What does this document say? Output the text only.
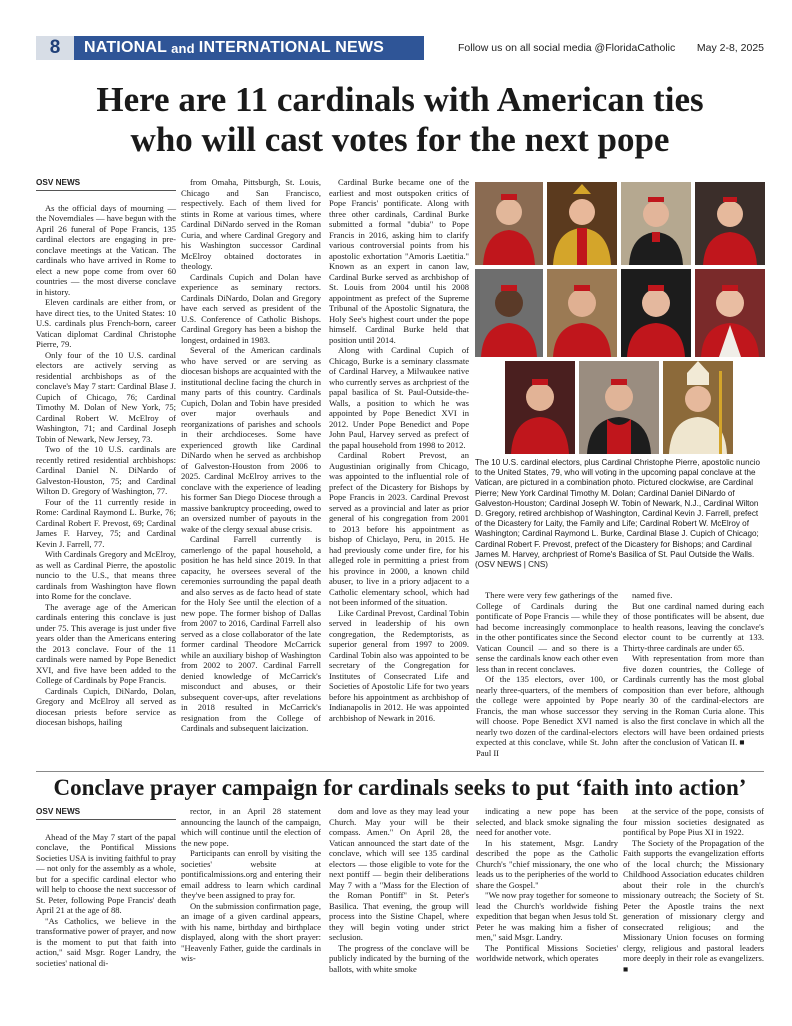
8	NATIONAL and INTERNATIONAL NEWS	Follow us on all social media @FloridaCatholic May 2-8, 2025
Here are 11 cardinals with American ties
who will cast votes for the next pope
OSV NEWS

As the official days of mourning — the Novemdiales — have begun with the April 26 funeral of Pope Francis, 135 cardinal electors are engaging in pre-conclave meetings at the Vatican. The cardinals who have arrived in Rome to elect a new pope come from over 60 countries — the most diverse conclave in history.

Eleven cardinals are either from, or have direct ties, to the United States: 10 U.S. cardinals plus French-born, career Vatican diplomat Cardinal Christophe Pierre, 79.

Only four of the 10 U.S. cardinal electors are actively serving as residential archbishops as of the conclave's May 7 start: Cardinal Blase J. Cupich of Chicago, 76; Cardinal Timothy M. Dolan of New York, 75; Cardinal Robert W. McElroy of Washington, 71; and Cardinal Joseph Tobin of Newark, New Jersey, 73.

Two of the 10 U.S. cardinals are recently retired residential archbishops: Cardinal Daniel N. DiNardo of Galveston-Houston, 75; and Cardinal Wilton D. Gregory of Washington, 77.

Four of the 11 currently reside in Rome: Cardinal Raymond L. Burke, 76; Cardinal Robert F. Prevost, 69; Cardinal James F. Harvey, 75; and Cardinal Kevin J. Farrell, 77.

With Cardinals Gregory and McElroy, as well as Cardinal Pierre, the apostolic nuncio to the U.S., that means three cardinals from Washington have flown into Rome for the conclave.

The average age of the American cardinals entering this conclave is just under 75. This average is just under five years older than the Americans entering the 2013 conclave. Four of the 11 cardinals were named by Pope Benedict XVI, and five have been added to the College of Cardinals by Pope Francis.

Cardinals Cupich, DiNardo, Dolan, Gregory and McElroy all served as diocesan priests before service as diocesan bishops, hailing

from Omaha, Pittsburgh, St. Louis, Chicago and San Francisco, respectively. Each of them lived for stints in Rome at various times, where Cardinal DiNardo served in the Roman Curia, and where Cardinal Gregory and his Washington successor Cardinal McElroy obtained doctorates in theology.

Cardinals Cupich and Dolan have experience as seminary rectors. Cardinals DiNardo, Dolan and Gregory have each served as president of the U.S. Conference of Catholic Bishops. Cardinal Gregory has been a bishop the longest, ordained in 1983.

Several of the American cardinals who have served or are serving as diocesan bishops are acquainted with the institutional decline facing the church in many parts of this country. Cardinals Cupich, Dolan and Tobin have presided over major overhauls and reorganizations of parishes and schools in their archdioceses. Some have experienced growth like Cardinal DiNardo when he served as archbishop of Galveston-Houston from 2006 to 2025. Cardinal McElroy arrives to the conclave with the experience of leading his former San Diego Diocese through a massive bankruptcy proceeding, owed to an oversized number of payouts in the wake of the clergy sexual abuse crisis.

Cardinal Farrell currently is camerlengo of the papal household, a position he has held since 2019. In that capacity, he oversees several of the ceremonies surrounding the papal death and also serves as de facto head of state for the Holy See until the election of a new pope. The former bishop of Dallas from 2007 to 2016, Cardinal Farrell also served as a close collaborator of the late former cardinal Theodore McCarrick while an auxiliary bishop of Washington from 2002 to 2007. Cardinal Farrell denied knowledge of McCarrick's misconduct and abuses, or their subsequent cover-ups, after revelations in 2018 resulted in McCarrick's resignation from the College of Cardinals and subsequent laicization.

Cardinal Burke became one of the earliest and most outspoken critics of Pope Francis' pontificate. Along with three other cardinals, Cardinal Burke submitted a formal "dubia" to Pope Francis in 2016, asking him to clarify various controversial points from his apostolic exhortation "Amoris Laetitia." Known as an expert in canon law, Cardinal Burke served as archbishop of St. Louis from 2004 until his 2008 appointment as prefect of the Supreme Tribunal of the Apostolic Signatura, the Holy See's highest court under the pope himself. Cardinal Burke held that position until 2014.

Along with Cardinal Cupich of Chicago, Burke is a seminary classmate of Cardinal Harvey, a Milwaukee native who currently serves as archpriest of the papal basilica of St. Paul-Outside-the-Walls, a position to which he was appointed by Pope Benedict XVI in 2012. Under Pope Benedict and Pope John Paul, Harvey served as prefect of the papal household from 1998 to 2012.

Cardinal Robert Prevost, an Augustinian originally from Chicago, was appointed to the influential role of prefect of the Dicastery for Bishops by Pope Francis in 2023. Cardinal Prevost served as a provincial and later as prior general of his congregation from 2001 to 2013 before his appointment as bishop of Chiclayo, Peru, in 2015. He had previously come under fire, for his alleged role in permitting a priest from his province in 2000, a known child abuser, to live in a priory adjacent to a Catholic elementary school, which had not been informed of the situation.

Like Cardinal Prevost, Cardinal Tobin served in leadership of his own congregation, the Redemptorists, as superior general from 1997 to 2009. Cardinal Tobin also was appointed to be secretary of the Congregation for Institutes of Consecrated Life and Societies of Apostolic Life for two years before his appointment as archbishop of Indianapolis in 2012. He was appointed archbishop of Newark in 2016.

The 10 U.S. cardinal electors, plus Cardinal Christophe Pierre, apostolic nuncio to the United States, 79, who will voting in the upcoming papal conclave at the Vatican, are pictured in a combination photo. Pictured clockwise, are Cardinal Pierre; New York Cardinal Timothy M. Dolan; Cardinal Daniel DiNardo of Galveston-Houston; Cardinal Joseph W. Tobin of Newark, N.J., Cardinal Wilton D. Gregory, retired archbishop of Washington, Cardinal Kevin J. Farrell, prefect of the Dicastery for Laity, the Family and Life; Cardinal Robert W. McElroy of Washington; Cardinal Raymond L. Burke, Cardinal Blase J. Cupich of Chicago; Cardinal Robert F. Prevost, prefect of the Dicastery for Bishops; and Cardinal James M. Harvey, archpriest of Rome's Basilica of St. Paul Outside the Walls. (OSV NEWS | CNS)

There were very few gatherings of the College of Cardinals during the pontificate of Pope Francis — while they had become increasingly commonplace in the other pontificates since the Second Vatican Council — and so there is a sense the cardinals know each other even less than in recent conclaves.

Of the 135 electors, over 100, or nearly three-quarters, of the members of the college were appointed by Pope Francis, the man whose successor they will choose. Pope Benedict XVI named nearly two dozen of the cardinal-electors expected at this conclave, while St. John Paul II

named five.

But one cardinal named during each of those pontificates will be absent, due to health reasons, leaving the conclave's elector count to be currently at 133. Thirty-three cardinals are under 65.

With representation from more than five dozen countries, the College of Cardinals currently has the most global composition than ever before, although nearly 30 of the cardinal-electors are serving in the Roman Curia alone. This is also the first conclave in which all the electors will have been ordained priests after the conclusion of Vatican II. ■

Conclave prayer campaign for cardinals seeks to put ‘faith into action’
OSV NEWS

Ahead of the May 7 start of the papal conclave, the Pontifical Missions Societies USA is inviting faithful to pray — not only for the assembly as a whole, but for a specific cardinal elector who will help to choose the next successor of St. Peter, following Pope Francis' death April 21 at the age of 88.

"As Catholics, we believe in the transformative power of prayer, and now is the moment to put that faith into action," said Msgr. Roger Landry, the societies' national di-

rector, in an April 28 statement announcing the launch of the campaign, which will continue until the election of the new pope.

Participants can enroll by visiting the societies' website at pontificalmissions.org and entering their email address to learn which cardinal they've been assigned to pray for.

On the submission confirmation page, an image of a given cardinal appears, with his name, birthday and birthplace displayed, along with the short prayer: "Heavenly Father, guide the cardinals in wis-

dom and love as they may lead your Church. May your will be their compass. Amen." On April 28, the Vatican announced the start date of the conclave, which will see 135 cardinal electors — those eligible to vote for the next pontiff — begin their deliberations May 7 with a "Mass for the Election of the Roman Pontiff" in St. Peter's Basilica. That evening, the group will process into the Sistine Chapel, where they will begin voting under strict seclusion.

The progress of the conclave will be publicly indicated by the burning of the ballots, with white smoke

indicating a new pope has been selected, and black smoke signaling the need for another vote.

In his statement, Msgr. Landry described the pope as the Catholic Church's "chief missionary, the one who leads us to the peripheries of the world to share the Gospel."

"We now pray together for someone to lead the Church's worldwide fishing expedition that began when Jesus told St. Peter he was making him a fisher of men," said Msgr. Landry.

The Pontifical Missions Societies' worldwide network, which operates

at the service of the pope, consists of four mission societies designated as pontifical by Pope Pius XI in 1922.

The Society of the Propagation of the Faith supports the evangelization efforts of the local church; the Missionary Childhood Association educates children about their role in the church's missionary outreach; the Society of St. Peter the Apostle trains the next generation of missionary clergy and consecrated religious; and the Missionary Union focuses on forming clergy, religious and pastoral leaders more deeply in their role as evangelizers. ■
